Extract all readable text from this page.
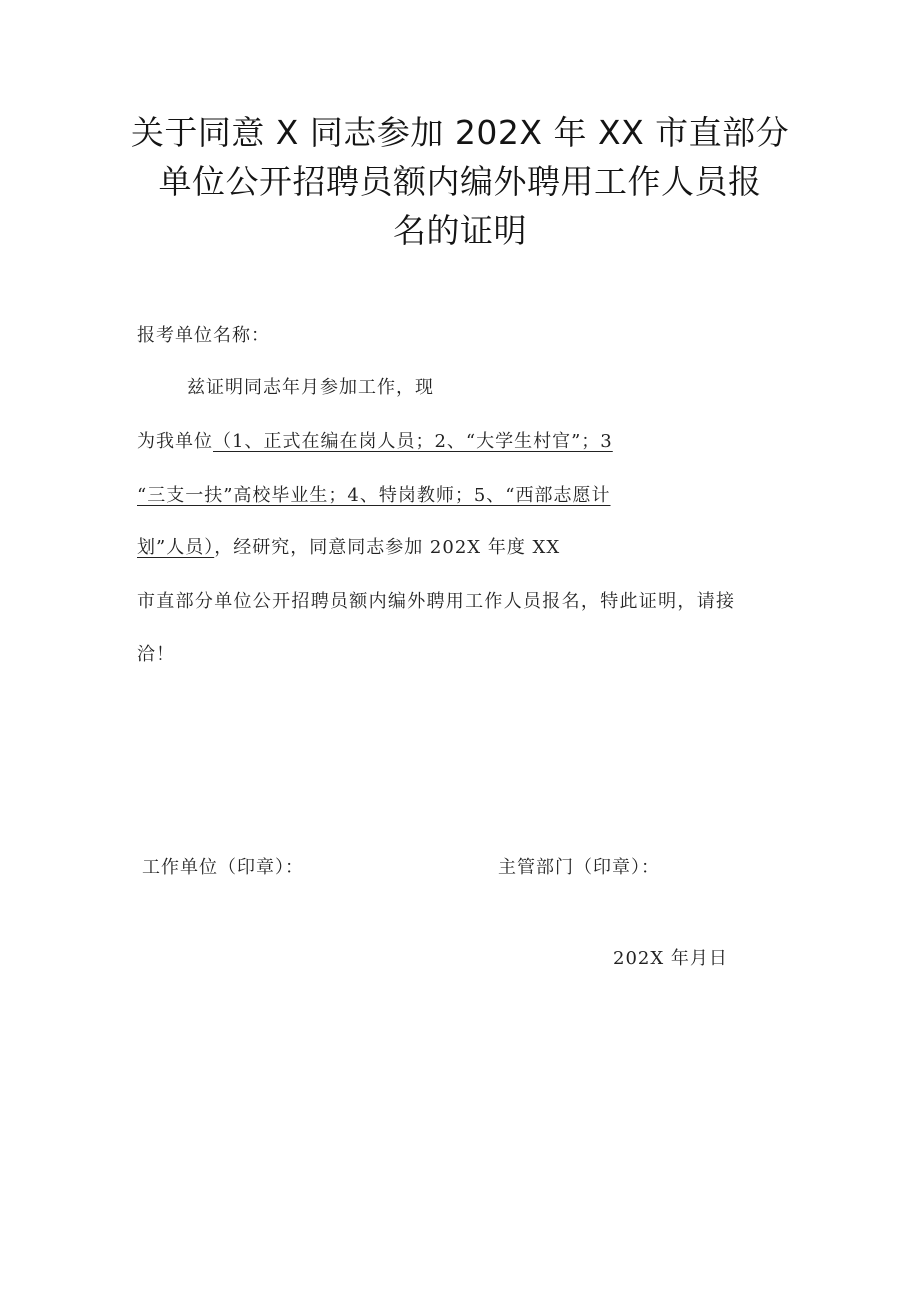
关于同意 X 同志参加 202X 年 XX 市直部分
单位公开招聘员额内编外聘用工作人员报
名的证明
报考单位名称：
兹证明同志年月参加工作，现
为我单位（1、正式在编在岗人员；2、“大学生村官”；3
“三支一扶”高校毕业生；4、特岗教师；5、“西部志愿计
划”人员），经研究，同意同志参加 202X 年度 XX
市直部分单位公开招聘员额内编外聘用工作人员报名，特此证明，请接
洽！
工作单位（印章）：	主管部门（印章）：
202X 年月日
